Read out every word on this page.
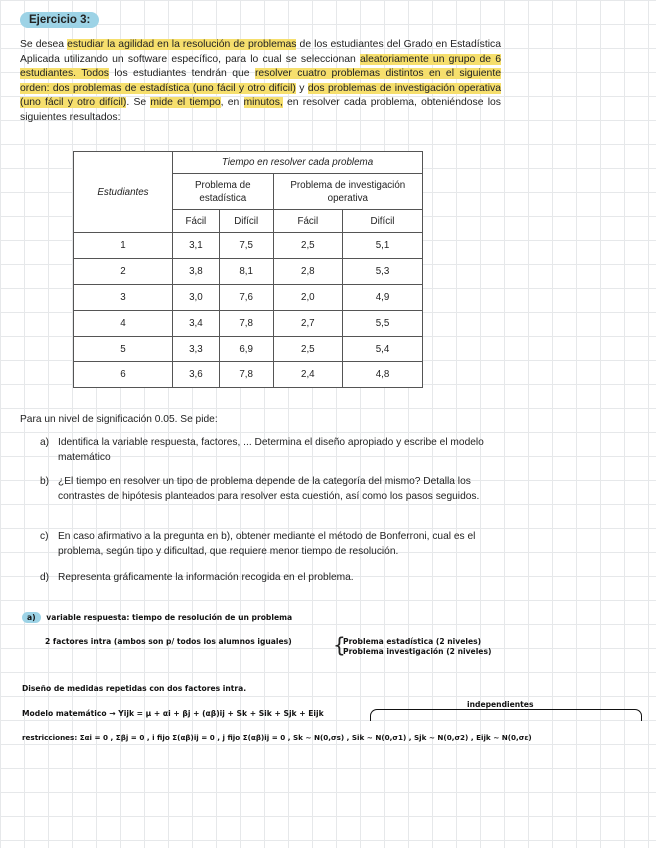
Ejercicio 3:

Se desea estudiar la agilidad en la resolución de problemas de los estudiantes del Grado en Estadística Aplicada utilizando un software específico, para lo cual se seleccionan aleatoriamente un grupo de 6 estudiantes. Todos los estudiantes tendrán que resolver cuatro problemas distintos en el siguiente orden: dos problemas de estadística (uno fácil y otro difícil) y dos problemas de investigación operativa (uno fácil y otro difícil). Se mide el tiempo, en minutos, en resolver cada problema, obteniéndose los siguientes resultados:

Estudiantes	Tiempo en resolver cada problema			
	Problema de estadística		Problema de investigación operativa	
	Fácil	Difícil	Fácil	Difícil
1	3,1	7,5	2,5	5,1
2	3,8	8,1	2,8	5,3
3	3,0	7,6	2,0	4,9
4	3,4	7,8	2,7	5,5
5	3,3	6,9	2,5	5,4
6	3,6	7,8	2,4	4,8

Para un nivel de significación 0.05. Se pide:

a) Identifica la variable respuesta, factores, ... Determina el diseño apropiado y escribe el modelo matemático
b) ¿El tiempo en resolver un tipo de problema depende de la categoría del mismo? Detalla los contrastes de hipótesis planteados para resolver esta cuestión, así como los pasos seguidos.
c) En caso afirmativo a la pregunta en b), obtener mediante el método de Bonferroni, cual es el problema, según tipo y dificultad, que requiere menor tiempo de resolución.
d) Representa gráficamente la información recogida en el problema.
a) variable respuesta: tiempo de resolución de un problema
2 factores intra (ambos son p/ todos los alumnos iguales) {
Problema estadística (2 niveles)
Problema investigación (2 niveles)
Diseño de medidas repetidas con dos factores intra.
independientes
Modelo matemático → Yijk = μ + αi + βj + (αβ)ij + Sk + Sik + Sjk + Eijk
restricciones: Σαi = 0 , Σβj = 0 , i fijo Σ(αβ)ij = 0 , j fijo Σ(αβ)ij = 0 , Sk ~ N(0,σs) , Sik ~ N(0,σ1) , Sjk ~ N(0,σ2) , Eijk ~ N(0,σε)
